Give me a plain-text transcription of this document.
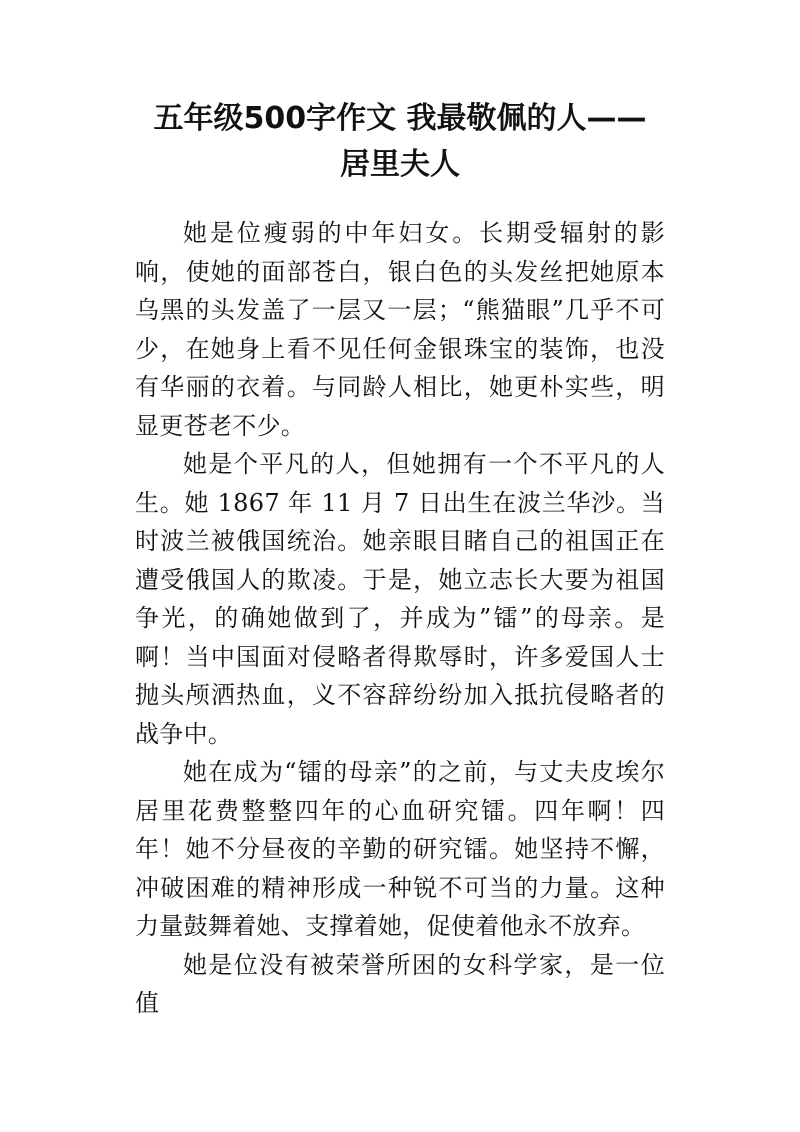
五年级500字作文 我最敬佩的人——
居里夫人

她是位瘦弱的中年妇女。长期受辐射的影响，使她的面部苍白，银白色的头发丝把她原本乌黑的头发盖了一层又一层；“熊猫眼”几乎不可少，在她身上看不见任何金银珠宝的装饰，也没有华丽的衣着。与同龄人相比，她更朴实些，明显更苍老不少。

她是个平凡的人，但她拥有一个不平凡的人生。她 1867 年 11 月 7 日出生在波兰华沙。当时波兰被俄国统治。她亲眼目睹自己的祖国正在遭受俄国人的欺凌。于是，她立志长大要为祖国争光，的确她做到了，并成为”镭”的母亲。是啊！当中国面对侵略者得欺辱时，许多爱国人士抛头颅洒热血，义不容辞纷纷加入抵抗侵略者的战争中。

她在成为“镭的母亲”的之前，与丈夫皮埃尔居里花费整整四年的心血研究镭。四年啊！四年！她不分昼夜的辛勤的研究镭。她坚持不懈，冲破困难的精神形成一种锐不可当的力量。这种力量鼓舞着她、支撑着她，促使着他永不放弃。

她是位没有被荣誉所困的女科学家，是一位值
